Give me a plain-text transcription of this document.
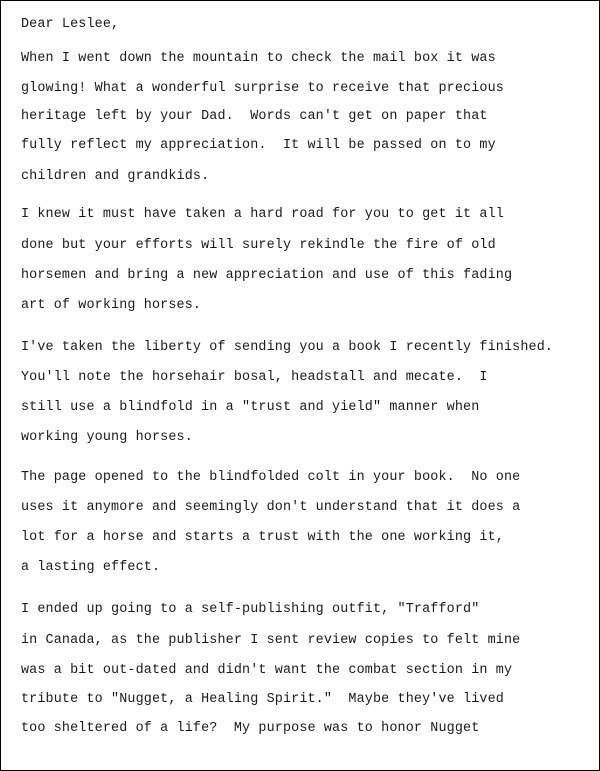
Dear Leslee,

When I went down the mountain to check the mail box it was

glowing! What a wonderful surprise to receive that precious

heritage left by your Dad.  Words can't get on paper that

fully reflect my appreciation.  It will be passed on to my

children and grandkids.

I knew it must have taken a hard road for you to get it all

done but your efforts will surely rekindle the fire of old

horsemen and bring a new appreciation and use of this fading

art of working horses.

I've taken the liberty of sending you a book I recently finished.

You'll note the horsehair bosal, headstall and mecate.  I

still use a blindfold in a "trust and yield" manner when

working young horses.

The page opened to the blindfolded colt in your book.  No one

uses it anymore and seemingly don't understand that it does a

lot for a horse and starts a trust with the one working it,

a lasting effect.

I ended up going to a self-publishing outfit, "Trafford"

in Canada, as the publisher I sent review copies to felt mine

was a bit out-dated and didn't want the combat section in my

tribute to "Nugget, a Healing Spirit."  Maybe they've lived

too sheltered of a life?  My purpose was to honor Nugget
